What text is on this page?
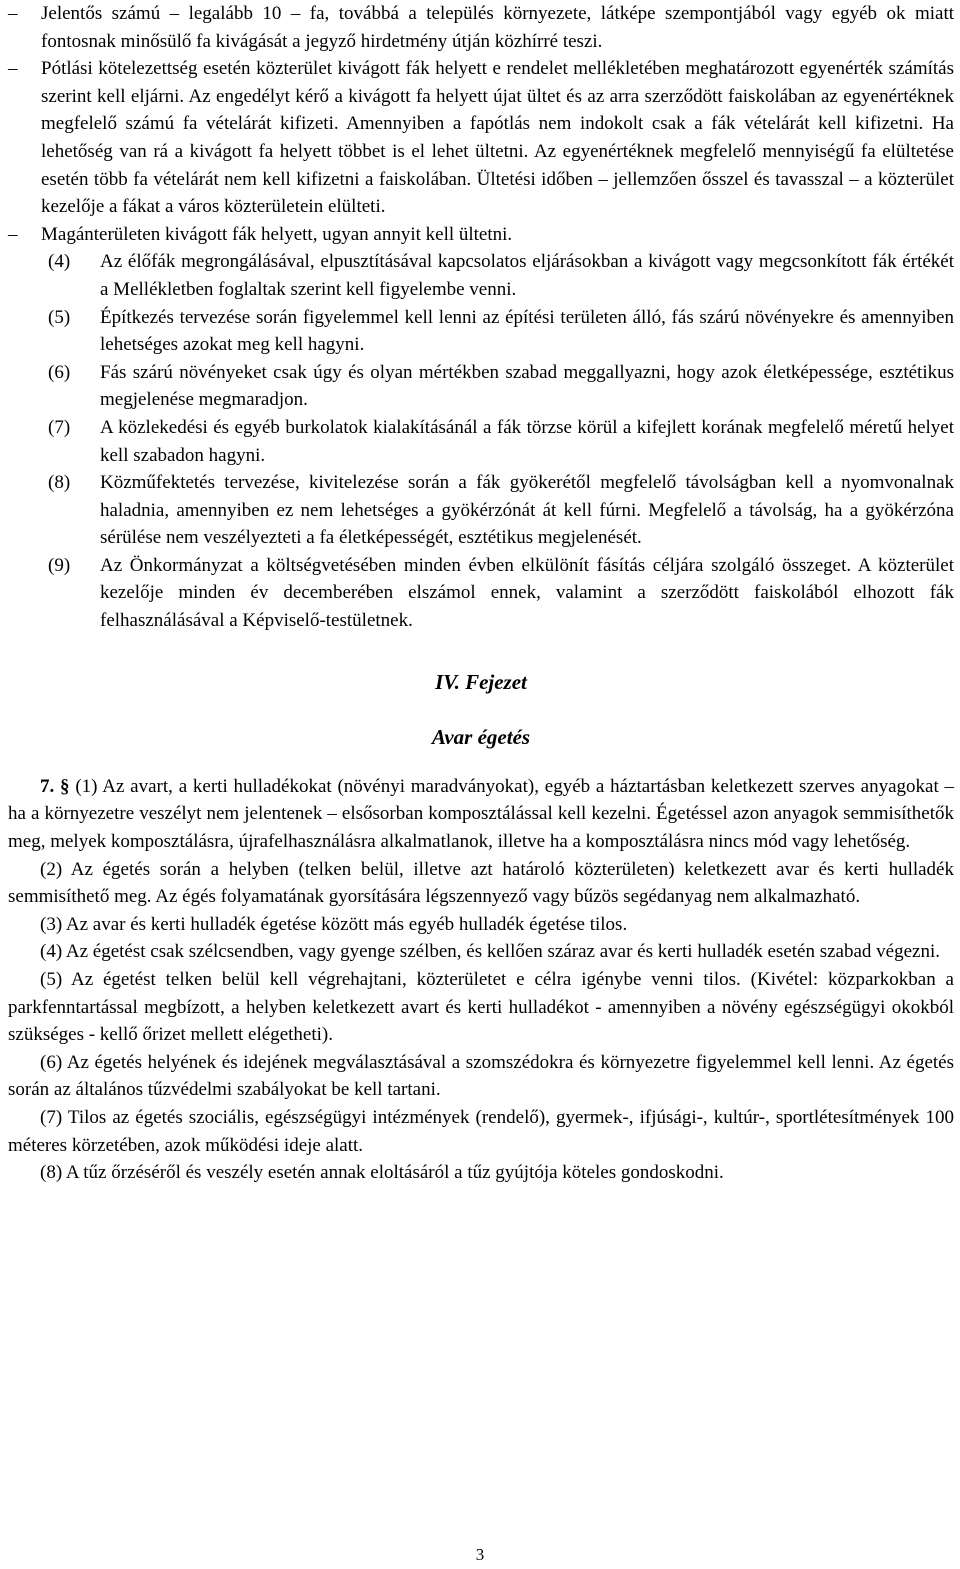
– Jelentős számú – legalább 10 – fa, továbbá a település környezete, látképe szempontjából vagy egyéb ok miatt fontosnak minősülő fa kivágását a jegyző hirdetmény útján közhírré teszi.

– Pótlási kötelezettség esetén közterület kivágott fák helyett e rendelet mellékletében meghatározott egyenérték számítás szerint kell eljárni. Az engedélyt kérő a kivágott fa helyett újat ültet és az arra szerződött faiskolában az egyenértéknek megfelelő számú fa vételárát kifizeti. Amennyiben a fapótlás nem indokolt csak a fák vételárát kell kifizetni. Ha lehetőség van rá a kivágott fa helyett többet is el lehet ültetni. Az egyenértéknek megfelelő mennyiségű fa elültetése esetén több fa vételárát nem kell kifizetni a faiskolában. Ültetési időben – jellemzően ősszel és tavasszal – a közterület kezelője a fákat a város közterületein elülteti.

– Magánterületen kivágott fák helyett, ugyan annyit kell ültetni.

(4) Az élőfák megrongálásával, elpusztításával kapcsolatos eljárásokban a kivágott vagy megcsonkított fák értékét a Mellékletben foglaltak szerint kell figyelembe venni.

(5) Építkezés tervezése során figyelemmel kell lenni az építési területen álló, fás szárú növényekre és amennyiben lehetséges azokat meg kell hagyni.

(6) Fás szárú növényeket csak úgy és olyan mértékben szabad meggallyazni, hogy azok életképessége, esztétikus megjelenése megmaradjon.

(7) A közlekedési és egyéb burkolatok kialakításánál a fák törzse körül a kifejlett korának megfelelő méretű helyet kell szabadon hagyni.

(8) Közműfektetés tervezése, kivitelezése során a fák gyökerétől megfelelő távolságban kell a nyomvonalnak haladnia, amennyiben ez nem lehetséges a gyökérzónát át kell fúrni. Megfelelő a távolság, ha a gyökérzóna sérülése nem veszélyezteti a fa életképességét, esztétikus megjelenését.

(9) Az Önkormányzat a költségvetésében minden évben elkülönít fásítás céljára szolgáló összeget. A közterület kezelője minden év decemberében elszámol ennek, valamint a szerződött faiskolából elhozott fák felhasználásával a Képviselő-testületnek.

IV. Fejezet

Avar égetés

7. § (1) Az avart, a kerti hulladékokat (növényi maradványokat), egyéb a háztartásban keletkezett szerves anyagokat – ha a környezetre veszélyt nem jelentenek – elsősorban komposztálással kell kezelni. Égetéssel azon anyagok semmisíthetők meg, melyek komposztálásra, újrafelhasználásra alkalmatlanok, illetve ha a komposztálásra nincs mód vagy lehetőség.

(2) Az égetés során a helyben (telken belül, illetve azt határoló közterületen) keletkezett avar és kerti hulladék semmisíthető meg. Az égés folyamatának gyorsítására légszennyező vagy bűzös segédanyag nem alkalmazható.

(3) Az avar és kerti hulladék égetése között más egyéb hulladék égetése tilos.

(4) Az égetést csak szélcsendben, vagy gyenge szélben, és kellően száraz avar és kerti hulladék esetén szabad végezni.

(5) Az égetést telken belül kell végrehajtani, közterületet e célra igénybe venni tilos. (Kivétel: közparkokban a parkfenntartással megbízott, a helyben keletkezett avart és kerti hulladékot - amennyiben a növény egészségügyi okokból szükséges - kellő őrizet mellett elégetheti).

(6) Az égetés helyének és idejének megválasztásával a szomszédokra és környezetre figyelemmel kell lenni. Az égetés során az általános tűzvédelmi szabályokat be kell tartani.

(7) Tilos az égetés szociális, egészségügyi intézmények (rendelő), gyermek-, ifjúsági-, kultúr-, sportlétesítmények 100 méteres körzetében, azok működési ideje alatt.

(8) A tűz őrzéséről és veszély esetén annak eloltásáról a tűz gyújtója köteles gondoskodni.

3
